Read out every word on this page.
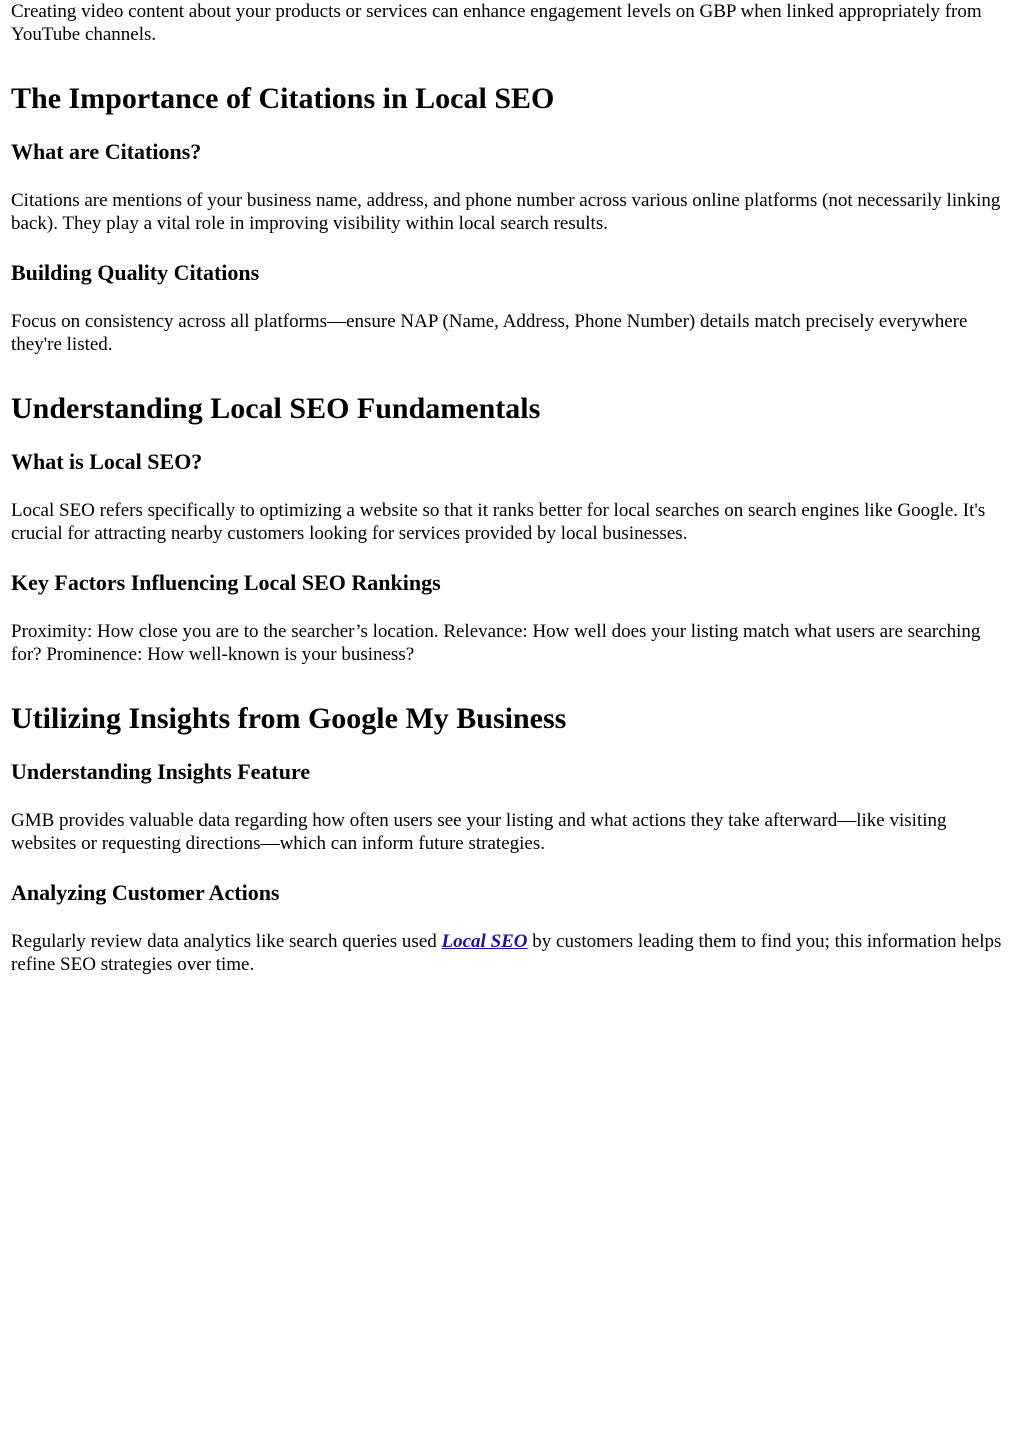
Creating video content about your products or services can enhance engagement levels on GBP when linked appropriately from YouTube channels.

The Importance of Citations in Local SEO
What are Citations?

Citations are mentions of your business name, address, and phone number across various online platforms (not necessarily linking back). They play a vital role in improving visibility within local search results.

Building Quality Citations

Focus on consistency across all platforms—ensure NAP (Name, Address, Phone Number) details match precisely everywhere they're listed.

Understanding Local SEO Fundamentals
What is Local SEO?

Local SEO refers specifically to optimizing a website so that it ranks better for local searches on search engines like Google. It's crucial for attracting nearby customers looking for services provided by local businesses.

Key Factors Influencing Local SEO Rankings

Proximity: How close you are to the searcher’s location. Relevance: How well does your listing match what users are searching for? Prominence: How well-known is your business?

Utilizing Insights from Google My Business
Understanding Insights Feature

GMB provides valuable data regarding how often users see your listing and what actions they take afterward—like visiting websites or requesting directions—which can inform future strategies.

Analyzing Customer Actions

Regularly review data analytics like search queries used Local SEO by customers leading them to find you; this information helps refine SEO strategies over time.
